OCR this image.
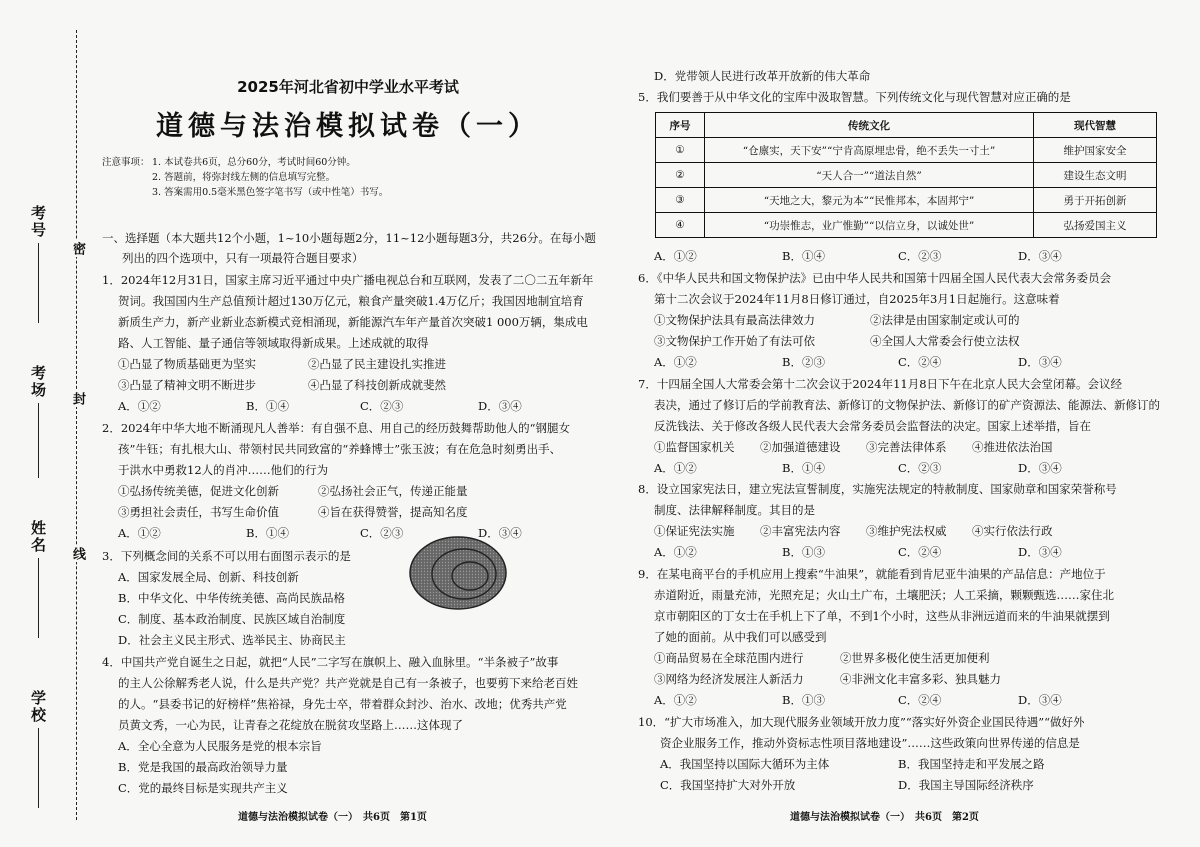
考号
考场
姓名
学校
密
封
线
2025年河北省初中学业水平考试
道德与法治模拟试卷（一）
注意事项： 1. 本试卷共6页，总分60分，考试时间60分钟。
2. 答题前，将弥封线左侧的信息填写完整。
3. 答案需用0.5毫米黑色签字笔书写（或中性笔）书写。
一、选择题（本大题共12个小题，1~10小题每题2分，11~12小题每题3分，共26分。在每小题
列出的四个选项中，只有一项最符合题目要求）
1．2024年12月31日，国家主席习近平通过中央广播电视总台和互联网，发表了二〇二五年新年
贺词。我国国内生产总值预计超过130万亿元，粮食产量突破1.4万亿斤；我国因地制宜培育
新质生产力，新产业新业态新模式竞相涌现，新能源汽车年产量首次突破1 000万辆，集成电
路、人工智能、量子通信等领域取得新成果。上述成就的取得
①凸显了物质基础更为坚实	②凸显了民主建设扎实推进
③凸显了精神文明不断进步	④凸显了科技创新成就斐然
A．①②	B．①④	C．②③	D．③④
2．2024年中华大地不断涌现凡人善举：有自强不息、用自己的经历鼓舞帮助他人的“钢腿女
孩”牛钰；有扎根大山、带领村民共同致富的“养蜂博士”张玉波；有在危急时刻勇出手、
于洪水中勇救12人的肖冲……他们的行为
①弘扬传统美德，促进文化创新	②弘扬社会正气，传递正能量
③勇担社会责任，书写生命价值	④旨在获得赞誉，提高知名度
A．①②	B．①④	C．②③	D．③④
3．下列概念间的关系不可以用右面图示表示的是
A．国家发展全局、创新、科技创新
B．中华文化、中华传统美德、高尚民族品格
C．制度、基本政治制度、民族区域自治制度
D．社会主义民主形式、选举民主、协商民主
4．中国共产党自诞生之日起，就把“人民”二字写在旗帜上、融入血脉里。“半条被子”故事
的主人公徐解秀老人说，什么是共产党？共产党就是自己有一条被子，也要剪下来给老百姓
的人。“县委书记的好榜样”焦裕禄，身先士卒，带着群众封沙、治水、改地；优秀共产党
员黄文秀，一心为民，让青春之花绽放在脱贫攻坚路上……这体现了
A．全心全意为人民服务是党的根本宗旨
B．党是我国的最高政治领导力量
C．党的最终目标是实现共产主义
道德与法治模拟试卷（一）　共6页　第1页
D．党带领人民进行改革开放新的伟大革命
5．我们要善于从中华文化的宝库中汲取智慧。下列传统文化与现代智慧对应正确的是
序号	传统文化	现代智慧
①	“仓廪实，天下安”“宁肯高原埋忠骨，绝不丢失一寸土”	维护国家安全
②	“天人合一”“道法自然”	建设生态文明
③	“天地之大，黎元为本”“民惟邦本，本固邦宁”	勇于开拓创新
④	“功崇惟志，业广惟勤”“以信立身，以诚处世”	弘扬爱国主义
A．①②	B．①④	C．②③	D．③④
6．《中华人民共和国文物保护法》已由中华人民共和国第十四届全国人民代表大会常务委员会
第十二次会议于2024年11月8日修订通过，自2025年3月1日起施行。这意味着
①文物保护法具有最高法律效力	②法律是由国家制定或认可的
③文物保护工作开始了有法可依	④全国人大常委会行使立法权
A．①②	B．②③	C．②④	D．③④
7．十四届全国人大常委会第十二次会议于2024年11月8日下午在北京人民大会堂闭幕。会议经
表决，通过了修订后的学前教育法、新修订的文物保护法、新修订的矿产资源法、能源法、新修订的
反洗钱法、关于修改各级人民代表大会常务委员会监督法的决定。国家上述举措，旨在
①监督国家机关 ②加强道德建设 ③完善法律体系 ④推进依法治国
A．①②	B．①④	C．②③	D．③④
8．设立国家宪法日，建立宪法宣誓制度，实施宪法规定的特赦制度、国家勋章和国家荣誉称号
制度、法律解释制度。其目的是
①保证宪法实施 ②丰富宪法内容 ③维护宪法权威 ④实行依法行政
A．①②	B．①③	C．②④	D．③④
9．在某电商平台的手机应用上搜索“牛油果”，就能看到肯尼亚牛油果的产品信息：产地位于
赤道附近，雨量充沛，光照充足；火山土广布，土壤肥沃；人工采摘，颗颗甄选……家住北
京市朝阳区的丁女士在手机上下了单，不到1个小时，这些从非洲远道而来的牛油果就摆到
了她的面前。从中我们可以感受到
①商品贸易在全球范围内进行	②世界多极化使生活更加便利
③网络为经济发展注人新活力	④非洲文化丰富多彩、独具魅力
A．①②	B．①③	C．②④	D．③④
10．“扩大市场准入，加大现代服务业领域开放力度”“落实好外资企业国民待遇”“做好外
资企业服务工作，推动外资标志性项目落地建设”……这些政策向世界传递的信息是
A．我国坚持以国际大循环为主体	B．我国坚持走和平发展之路
C．我国坚持扩大对外开放	D．我国主导国际经济秩序
道德与法治模拟试卷（一）　共6页　第2页
